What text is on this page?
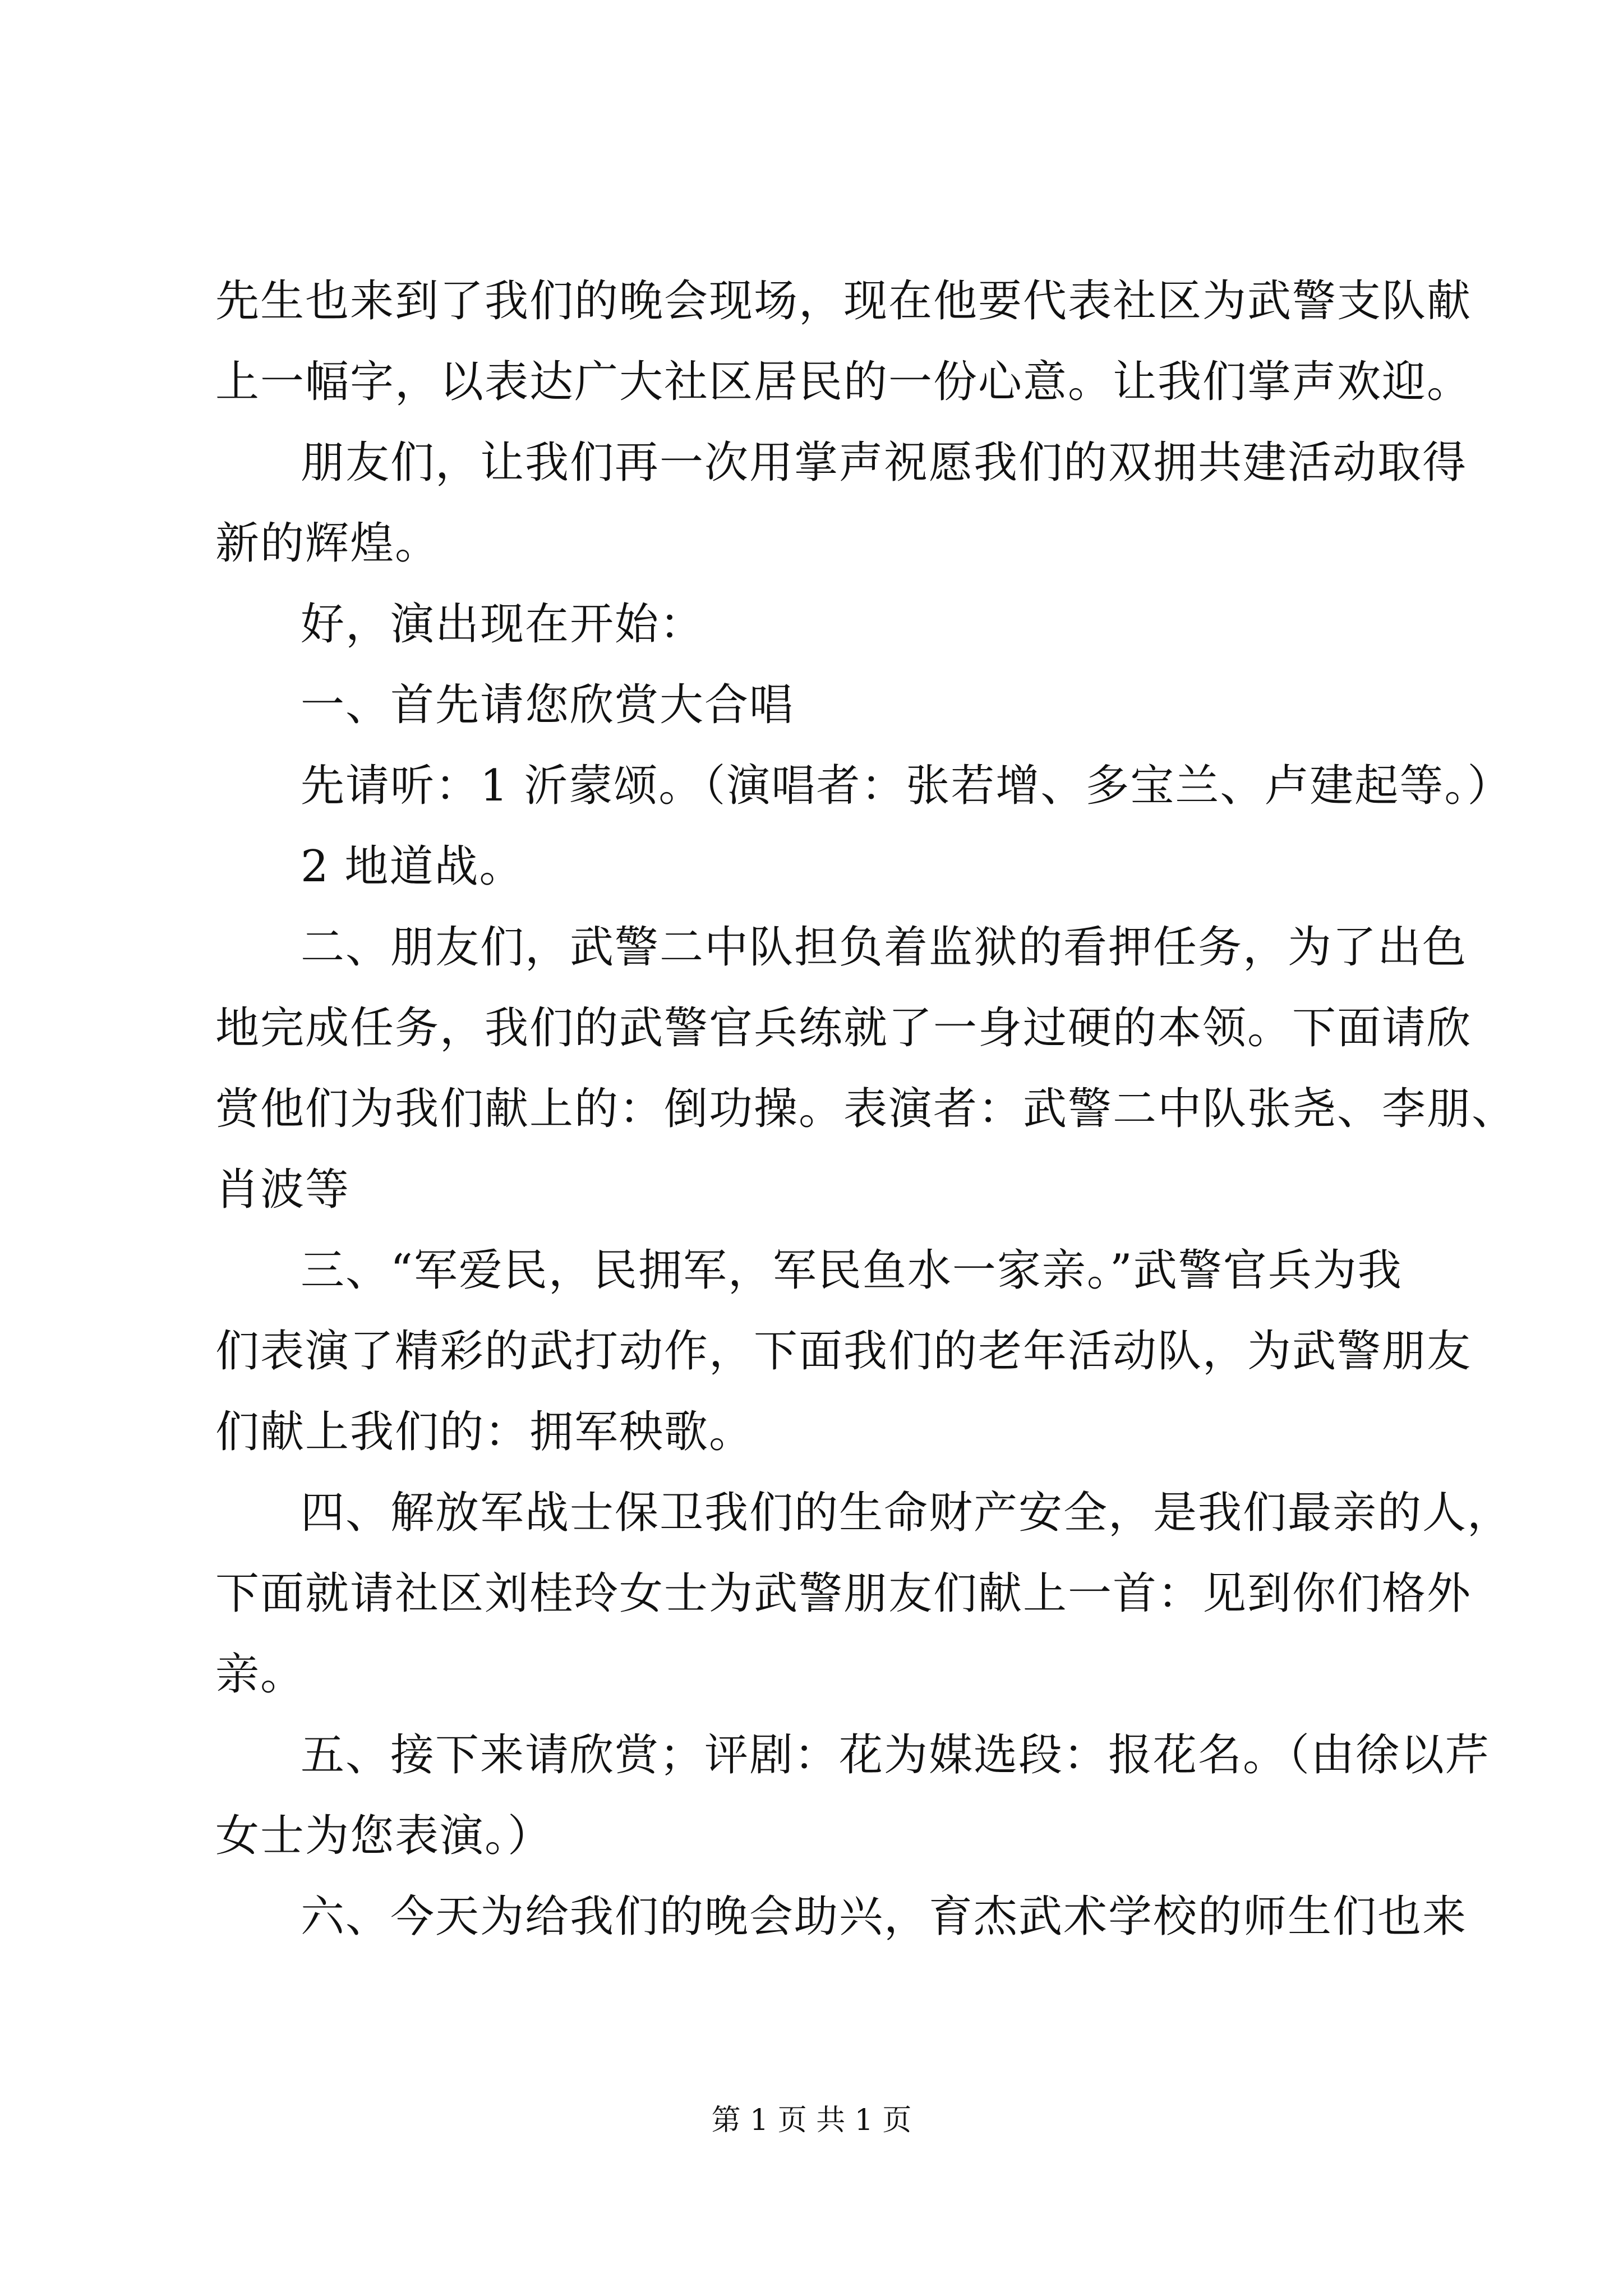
先生也来到了我们的晚会现场，现在他要代表社区为武警支队献
上一幅字，以表达广大社区居民的一份心意。让我们掌声欢迎。
朋友们，让我们再一次用掌声祝愿我们的双拥共建活动取得
新的辉煌。
好，演出现在开始：
一、首先请您欣赏大合唱
先请听：1 沂蒙颂。（演唱者：张若增、多宝兰、卢建起等。）
2 地道战。
二、朋友们，武警二中队担负着监狱的看押任务，为了出色
地完成任务，我们的武警官兵练就了一身过硬的本领。下面请欣
赏他们为我们献上的：倒功操。表演者：武警二中队张尧、李朋、
肖波等
三、“军爱民，民拥军，军民鱼水一家亲。”武警官兵为我
们表演了精彩的武打动作，下面我们的老年活动队，为武警朋友
们献上我们的：拥军秧歌。
四、解放军战士保卫我们的生命财产安全，是我们最亲的人，
下面就请社区刘桂玲女士为武警朋友们献上一首：见到你们格外
亲。
五、接下来请欣赏；评剧：花为媒选段：报花名。（由徐以芹
女士为您表演。）
六、今天为给我们的晚会助兴，育杰武术学校的师生们也来
第 1 页 共 1 页
